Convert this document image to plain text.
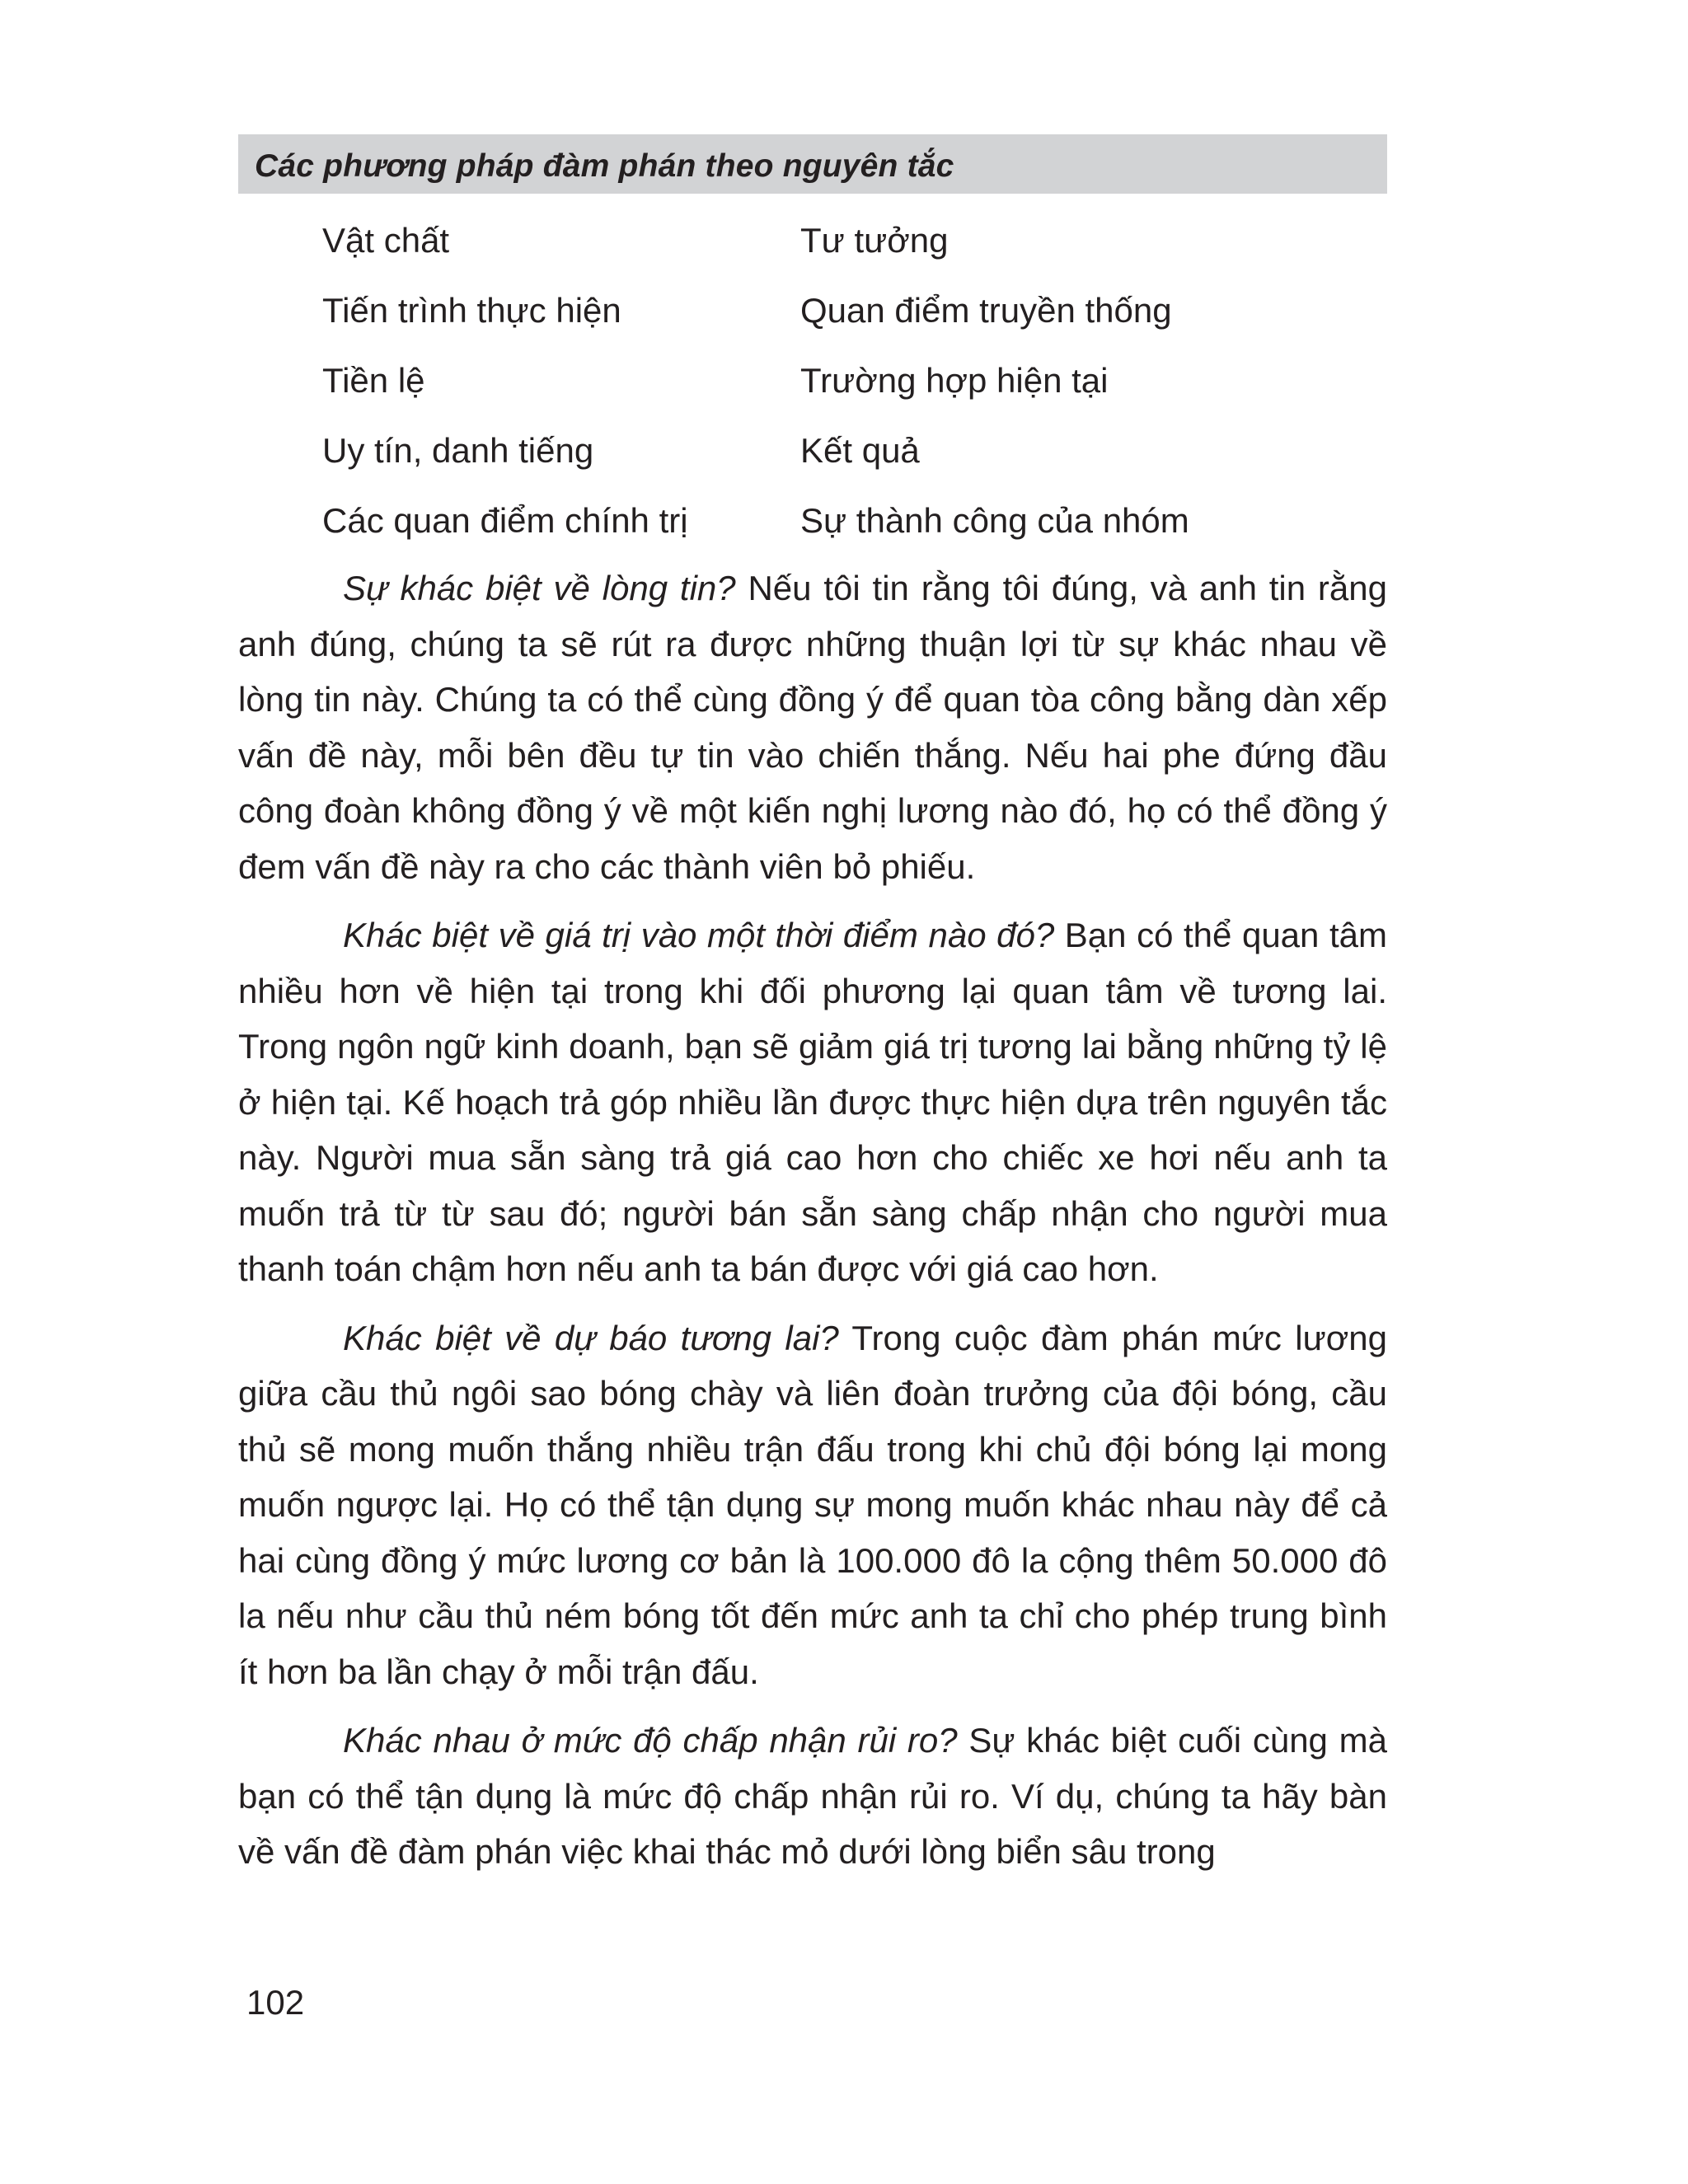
Các phương pháp đàm phán theo nguyên tắc
Vật chất	Tư tưởng
Tiến trình thực hiện	Quan điểm truyền thống
Tiền lệ	Trường hợp hiện tại
Uy tín, danh tiếng	Kết quả
Các quan điểm chính trị	Sự thành công của nhóm

Sự khác biệt về lòng tin? Nếu tôi tin rằng tôi đúng, và anh tin rằng anh đúng, chúng ta sẽ rút ra được những thuận lợi từ sự khác nhau về lòng tin này. Chúng ta có thể cùng đồng ý để quan tòa công bằng dàn xếp vấn đề này, mỗi bên đều tự tin vào chiến thắng. Nếu hai phe đứng đầu công đoàn không đồng ý về một kiến nghị lương nào đó, họ có thể đồng ý đem vấn đề này ra cho các thành viên bỏ phiếu.

Khác biệt về giá trị vào một thời điểm nào đó? Bạn có thể quan tâm nhiều hơn về hiện tại trong khi đối phương lại quan tâm về tương lai. Trong ngôn ngữ kinh doanh, bạn sẽ giảm giá trị tương lai bằng những tỷ lệ ở hiện tại. Kế hoạch trả góp nhiều lần được thực hiện dựa trên nguyên tắc này. Người mua sẵn sàng trả giá cao hơn cho chiếc xe hơi nếu anh ta muốn trả từ từ sau đó; người bán sẵn sàng chấp nhận cho người mua thanh toán chậm hơn nếu anh ta bán được với giá cao hơn.

Khác biệt về dự báo tương lai? Trong cuộc đàm phán mức lương giữa cầu thủ ngôi sao bóng chày và liên đoàn trưởng của đội bóng, cầu thủ sẽ mong muốn thắng nhiều trận đấu trong khi chủ đội bóng lại mong muốn ngược lại. Họ có thể tận dụng sự mong muốn khác nhau này để cả hai cùng đồng ý mức lương cơ bản là 100.000 đô la cộng thêm 50.000 đô la nếu như cầu thủ ném bóng tốt đến mức anh ta chỉ cho phép trung bình ít hơn ba lần chạy ở mỗi trận đấu.

Khác nhau ở mức độ chấp nhận rủi ro? Sự khác biệt cuối cùng mà bạn có thể tận dụng là mức độ chấp nhận rủi ro. Ví dụ, chúng ta hãy bàn về vấn đề đàm phán việc khai thác mỏ dưới lòng biển sâu trong

102
